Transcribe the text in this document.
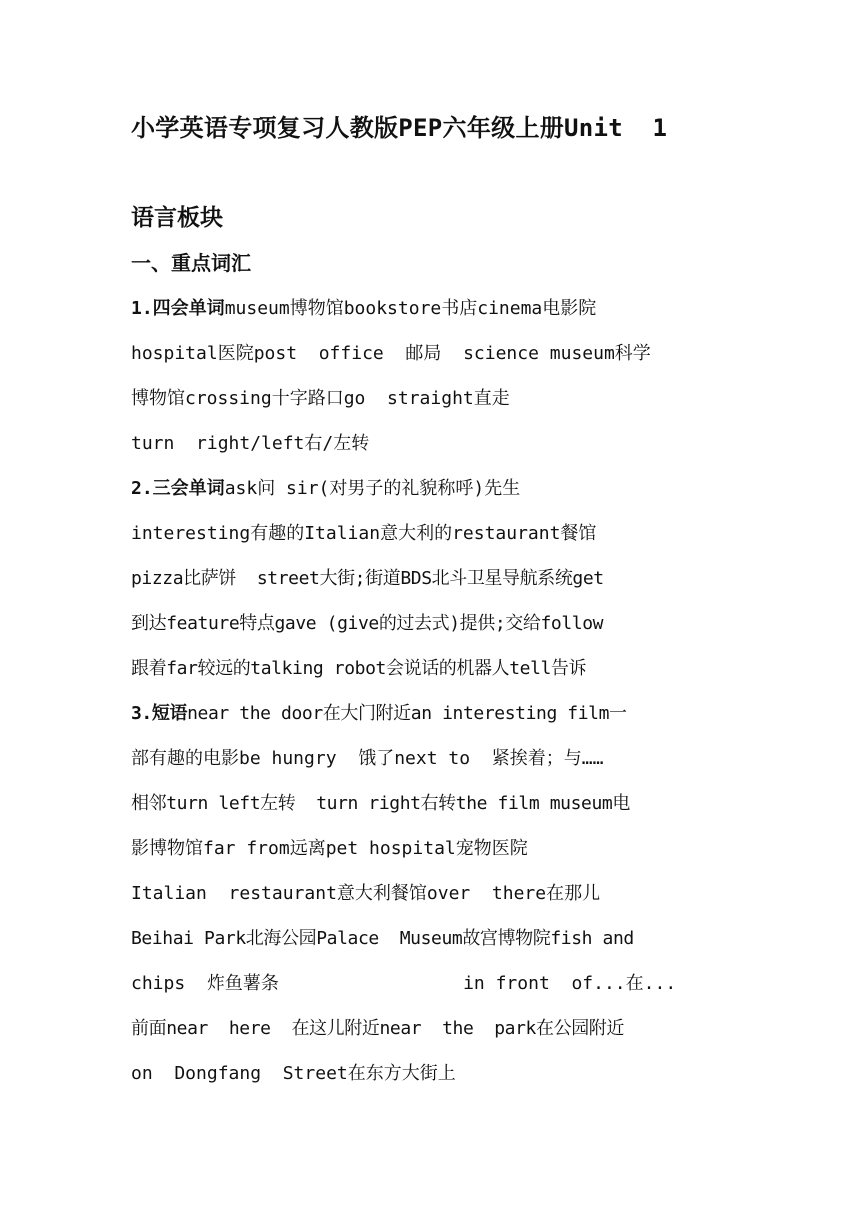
小学英语专项复习人教版PEP六年级上册Unit  1
语言板块
一、重点词汇
1.四会单词museum博物馆bookstore书店cinema电影院
hospital医院post  office  邮局  science museum科学
博物馆crossing十字路口go  straight直走
turn  right/left右/左转
2.三会单词ask问 sir(对男子的礼貌称呼)先生
interesting有趣的Italian意大利的restaurant餐馆
pizza比萨饼  street大街;街道BDS北斗卫星导航系统get
到达feature特点gave (give的过去式)提供;交给follow
跟着far较远的talking robot会说话的机器人tell告诉
3.短语near the door在大门附近an interesting film一
部有趣的电影be hungry  饿了next to  紧挨着；与……
相邻turn left左转  turn right右转the film museum电
影博物馆far from远离pet hospital宠物医院
Italian  restaurant意大利餐馆over  there在那儿
Beihai Park北海公园Palace  Museum故宫博物院fish and
chips  炸鱼薯条                 in front  of...在...
前面near  here  在这儿附近near  the  park在公园附近
on  Dongfang  Street在东方大街上
